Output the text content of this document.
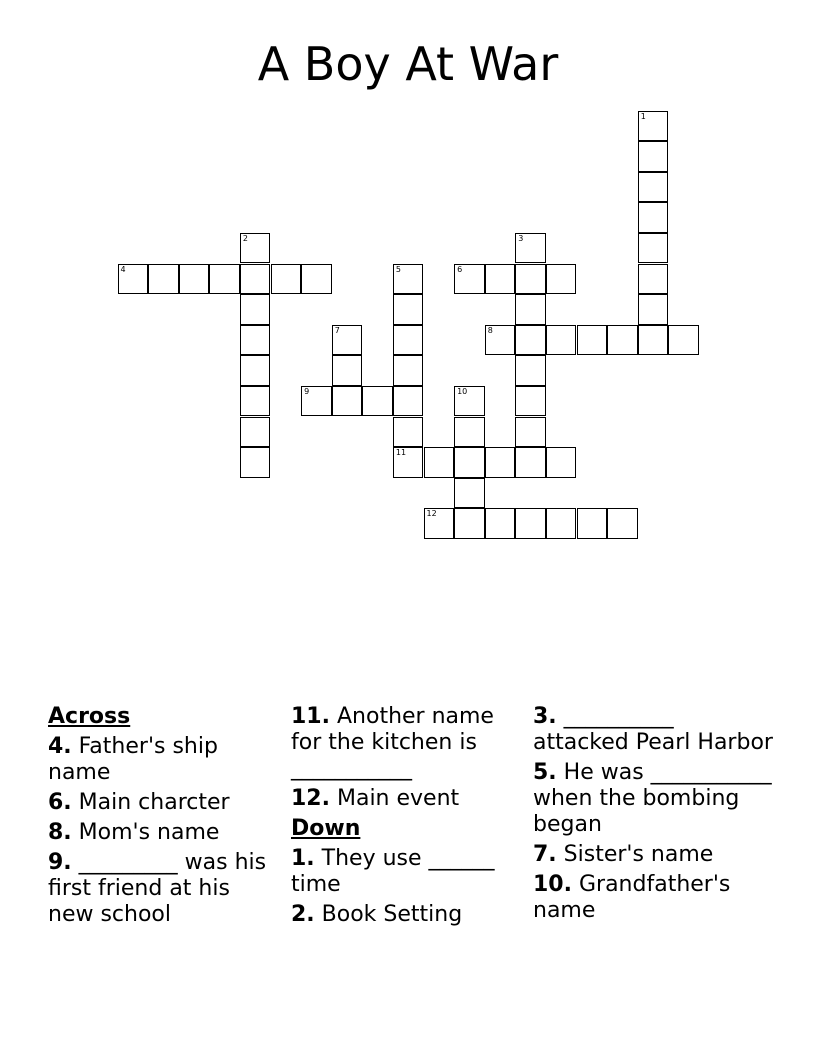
A Boy At War
1
2	3
4	5
11
6
7	8
9	10
12
Across
4. Father's ship name
6. Main charcter
8. Mom's name
9. _________ was his first friend at his new school
11. Another name for the kitchen is ___________
12. Main event
Down
1. They use ______ time
2. Book Setting
3. __________ attacked Pearl Harbor
5. He was ___________ when the bombing began
7. Sister's name
10. Grandfather's name
